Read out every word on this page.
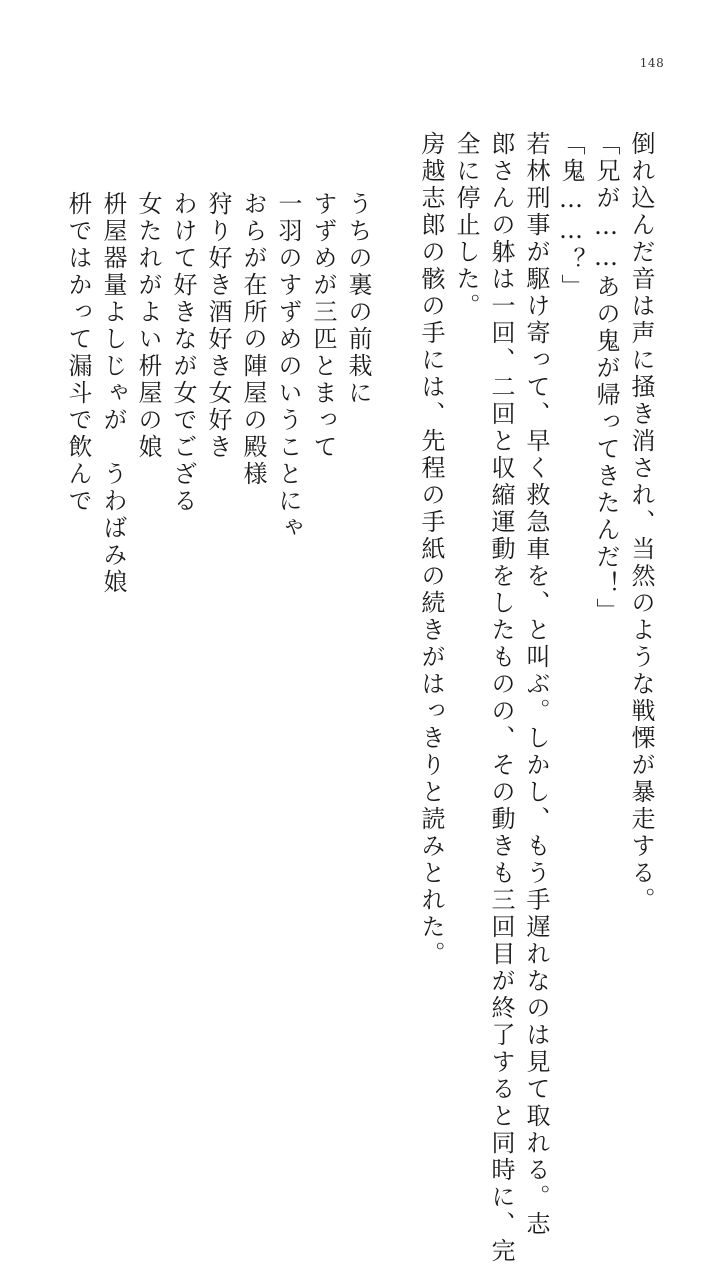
148
倒れ込んだ音は声に掻き消され、当然のような戦慄が暴走する。
「兄が……あの鬼が帰ってきたんだ！」
「鬼……？」
若林刑事が駆け寄って、早く救急車を、と叫ぶ。しかし、もう手遅れなのは見て取れる。志
郎さんの躰は一回、二回と収縮運動をしたものの、その動きも三回目が終了すると同時に、完
全に停止した。
房越志郎の骸の手には、先程の手紙の続きがはっきりと読みとれた。
うちの裏の前栽に
すずめが三匹とまって
一羽のすずめのいうことにゃ
おらが在所の陣屋の殿様
狩り好き酒好き女好き
わけて好きなが女でござる
女たれがよい枡屋の娘
枡屋器量よしじゃが　うわばみ娘
枡ではかって漏斗で飲んで
